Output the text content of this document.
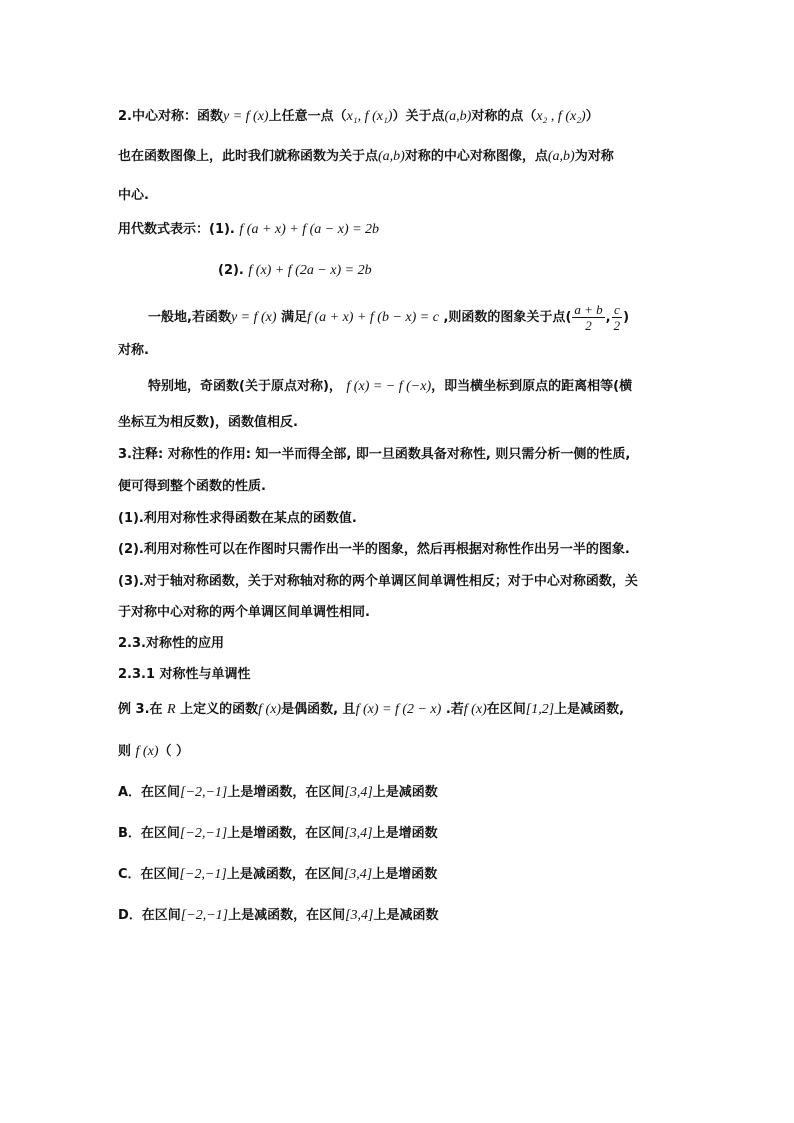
2.中心对称：函数y = f (x)上任意一点（x₁, f (x₁)）关于点(a,b)对称的点（x₂ , f (x₂)）
也在函数图像上，此时我们就称函数为关于点(a,b)对称的中心对称图像，点(a,b)为对称
中心.
用代数式表示：(1). f (a + x) + f (a − x) = 2b
(2). f (x) + f (2a − x) = 2b
一般地,若函数y = f (x) 满足f (a + x) + f (b − x) = c ,则函数的图象关于点( $\frac{a + b}{2}$ , $\frac{c}{2}$ )
对称.
特别地，奇函数(关于原点对称)， f (x) = − f (−x)，即当横坐标到原点的距离相等(横
坐标互为相反数)，函数值相反.
3.注释: 对称性的作用: 知一半而得全部, 即一旦函数具备对称性, 则只需分析一侧的性质,
便可得到整个函数的性质.
(1).利用对称性求得函数在某点的函数值.
(2).利用对称性可以在作图时只需作出一半的图象，然后再根据对称性作出另一半的图象.
(3).对于轴对称函数，关于对称轴对称的两个单调区间单调性相反；对于中心对称函数，关
于对称中心对称的两个单调区间单调性相同.
2.3.对称性的应用
2.3.1 对称性与单调性
例 3.在 R 上定义的函数f (x)是偶函数, 且f (x) = f (2 − x) .若f (x)在区间[1,2]上是减函数,
则 f (x)（ ）
A．在区间[−2,−1]上是增函数，在区间[3,4]上是减函数
B．在区间[−2,−1]上是增函数，在区间[3,4]上是增函数
C．在区间[−2,−1]上是减函数，在区间[3,4]上是增函数
D．在区间[−2,−1]上是减函数，在区间[3,4]上是减函数
